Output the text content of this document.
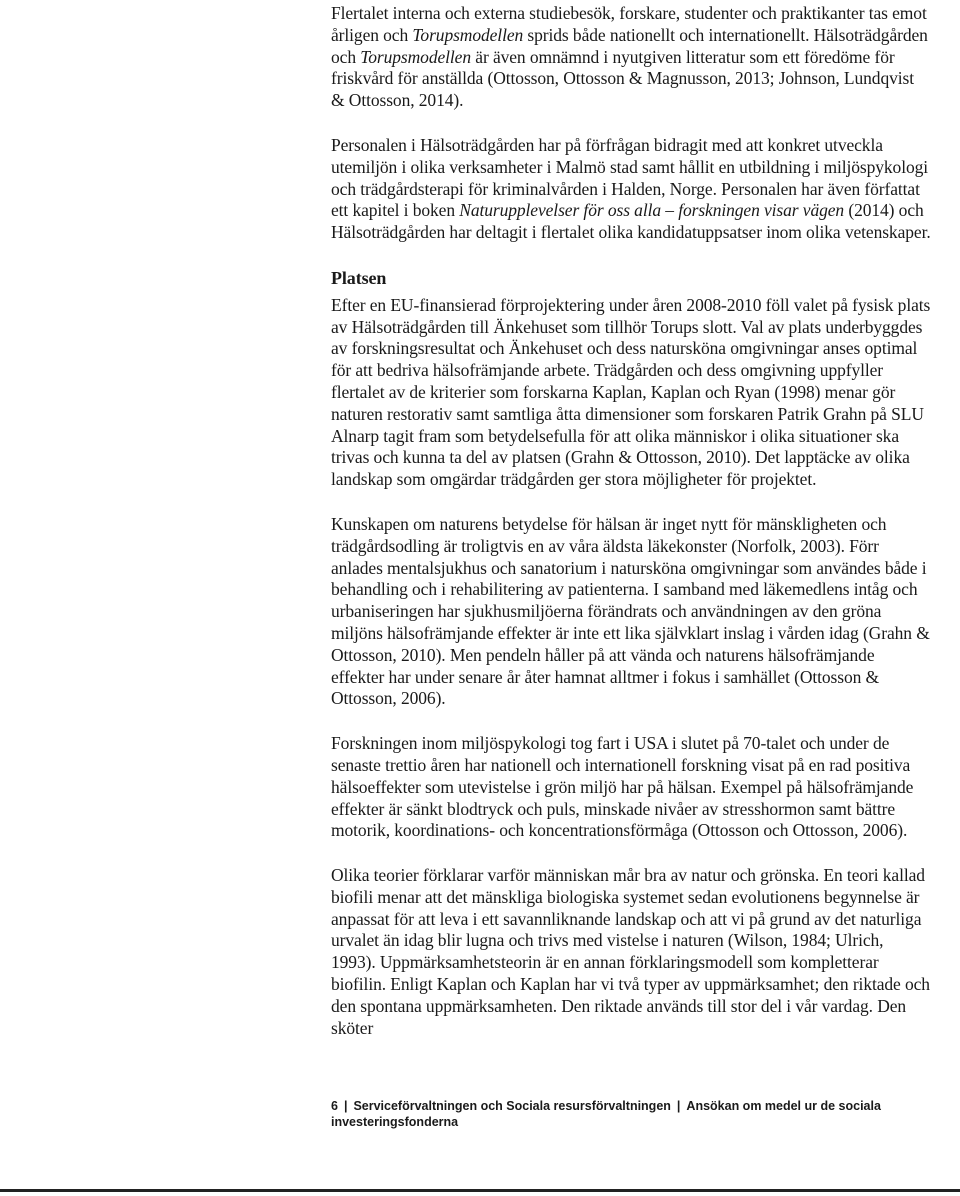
Flertalet interna och externa studiebesök, forskare, studenter och praktikanter tas emot årligen och Torupsmodellen sprids både nationellt och internationellt. Hälsoträdgården och Torupsmodellen är även omnämnd i nyutgiven litteratur som ett föredöme för friskvård för anställda (Ottosson, Ottosson & Magnusson, 2013; Johnson, Lundqvist & Ottosson, 2014).

Personalen i Hälsoträdgården har på förfrågan bidragit med att konkret utveckla utemiljön i olika verksamheter i Malmö stad samt hållit en utbildning i miljöspykologi och trädgårdsterapi för kriminalvården i Halden, Norge. Personalen har även författat ett kapitel i boken Naturupplevelser för oss alla – forskningen visar vägen (2014) och Hälsoträdgården har deltagit i flertalet olika kandidatuppsatser inom olika vetenskaper.

Platsen

Efter en EU-finansierad förprojektering under åren 2008-2010 föll valet på fysisk plats av Hälsoträdgården till Änkehuset som tillhör Torups slott. Val av plats underbyggdes av forskningsresultat och Änkehuset och dess natursköna omgivningar anses optimal för att bedriva hälsofrämjande arbete. Trädgården och dess omgivning uppfyller flertalet av de kriterier som forskarna Kaplan, Kaplan och Ryan (1998) menar gör naturen restorativ samt samtliga åtta dimensioner som forskaren Patrik Grahn på SLU Alnarp tagit fram som betydelsefulla för att olika människor i olika situationer ska trivas och kunna ta del av platsen (Grahn & Ottosson, 2010). Det lapptäcke av olika landskap som omgärdar trädgården ger stora möjligheter för projektet.

Kunskapen om naturens betydelse för hälsan är inget nytt för mänskligheten och trädgårdsodling är troligtvis en av våra äldsta läkekonster (Norfolk, 2003). Förr anlades mentalsjukhus och sanatorium i natursköna omgivningar som användes både i behandling och i rehabilitering av patienterna. I samband med läkemedlens intåg och urbaniseringen har sjukhusmiljöerna förändrats och användningen av den gröna miljöns hälsofrämjande effekter är inte ett lika självklart inslag i vården idag (Grahn & Ottosson, 2010). Men pendeln håller på att vända och naturens hälsofrämjande effekter har under senare år åter hamnat alltmer i fokus i samhället (Ottosson & Ottosson, 2006).

Forskningen inom miljöspykologi tog fart i USA i slutet på 70-talet och under de senaste trettio åren har nationell och internationell forskning visat på en rad positiva hälsoeffekter som utevistelse i grön miljö har på hälsan. Exempel på hälsofrämjande effekter är sänkt blodtryck och puls, minskade nivåer av stresshormon samt bättre motorik, koordinations- och koncentrationsförmåga (Ottosson och Ottosson, 2006).

Olika teorier förklarar varför människan mår bra av natur och grönska. En teori kallad biofili menar att det mänskliga biologiska systemet sedan evolutionens begynnelse är anpassat för att leva i ett savannliknande landskap och att vi på grund av det naturliga urvalet än idag blir lugna och trivs med vistelse i naturen (Wilson, 1984; Ulrich, 1993). Uppmärksamhetsteorin är en annan förklaringsmodell som kompletterar biofilin. Enligt Kaplan och Kaplan har vi två typer av uppmärksamhet; den riktade och den spontana uppmärksamheten. Den riktade används till stor del i vår vardag. Den sköter

6 | Serviceförvaltningen och Sociala resursförvaltningen | Ansökan om medel ur de sociala investeringsfonderna
